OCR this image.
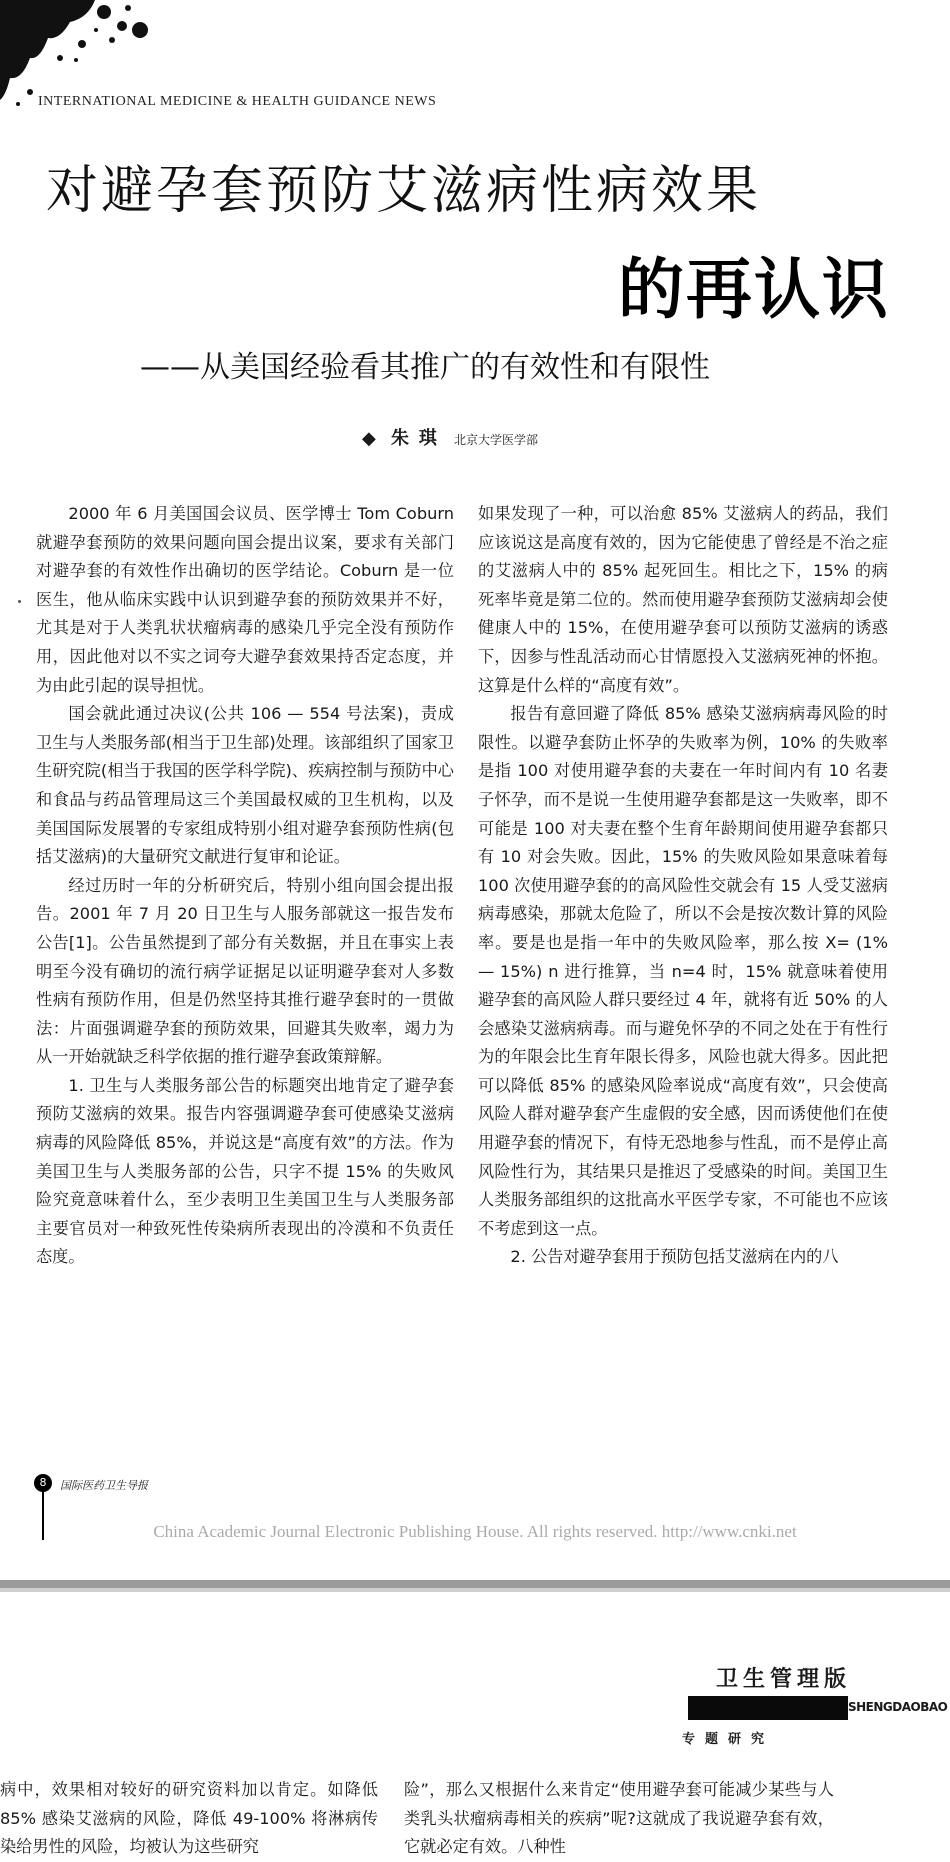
INTERNATIONAL MEDICINE & HEALTH GUIDANCE NEWS
对避孕套预防艾滋病性病效果
的再认识
——从美国经验看其推广的有效性和有限性
◆ 朱琪 北京大学医学部

2000 年 6 月美国国会议员、医学博士 Tom Coburn 就避孕套预防的效果问题向国会提出议案，要求有关部门对避孕套的有效性作出确切的医学结论。Coburn 是一位医生，他从临床实践中认识到避孕套的预防效果并不好，尤其是对于人类乳状状瘤病毒的感染几乎完全没有预防作用，因此他对以不实之词夸大避孕套效果持否定态度，并为由此引起的误导担忧。

国会就此通过决议(公共 106 — 554 号法案)，责成卫生与人类服务部(相当于卫生部)处理。该部组织了国家卫生研究院(相当于我国的医学科学院)、疾病控制与预防中心和食品与药品管理局这三个美国最权威的卫生机构，以及美国国际发展署的专家组成特别小组对避孕套预防性病(包括艾滋病)的大量研究文献进行复审和论证。

经过历时一年的分析研究后，特别小组向国会提出报告。2001 年 7 月 20 日卫生与人服务部就这一报告发布公告[1]。公告虽然提到了部分有关数据，并且在事实上表明至今没有确切的流行病学证据足以证明避孕套对人多数性病有预防作用，但是仍然坚持其推行避孕套时的一贯做法：片面强调避孕套的预防效果，回避其失败率，竭力为从一开始就缺乏科学依据的推行避孕套政策辩解。

1. 卫生与人类服务部公告的标题突出地肯定了避孕套预防艾滋病的效果。报告内容强调避孕套可使感染艾滋病病毒的风险降低 85%，并说这是“高度有效”的方法。作为美国卫生与人类服务部的公告，只字不提 15% 的失败风险究竟意味着什么，至少表明卫生美国卫生与人类服务部主要官员对一种致死性传染病所表现出的冷漠和不负责任态度。

如果发现了一种，可以治愈 85% 艾滋病人的药品，我们应该说这是高度有效的，因为它能使患了曾经是不治之症的艾滋病人中的 85% 起死回生。相比之下，15% 的病死率毕竟是第二位的。然而使用避孕套预防艾滋病却会使健康人中的 15%，在使用避孕套可以预防艾滋病的诱惑下，因参与性乱活动而心甘情愿投入艾滋病死神的怀抱。这算是什么样的“高度有效”。

报告有意回避了降低 85% 感染艾滋病病毒风险的时限性。以避孕套防止怀孕的失败率为例，10% 的失败率是指 100 对使用避孕套的夫妻在一年时间内有 10 名妻子怀孕，而不是说一生使用避孕套都是这一失败率，即不可能是 100 对夫妻在整个生育年龄期间使用避孕套都只有 10 对会失败。因此，15% 的失败风险如果意味着每 100 次使用避孕套的的高风险性交就会有 15 人受艾滋病病毒感染，那就太危险了，所以不会是按次数计算的风险率。要是也是指一年中的失败风险率，那么按 X= (1% — 15%) n 进行推算，当 n=4 时，15% 就意味着使用避孕套的高风险人群只要经过 4 年，就将有近 50% 的人会感染艾滋病病毒。而与避免怀孕的不同之处在于有性行为的年限会比生育年限长得多，风险也就大得多。因此把可以降低 85% 的感染风险率说成“高度有效”，只会使高风险人群对避孕套产生虚假的安全感，因而诱使他们在使用避孕套的情况下，有恃无恐地参与性乱，而不是停止高风险性行为，其结果只是推迟了受感染的时间。美国卫生人类服务部组织的这批高水平医学专家，不可能也不应该不考虑到这一点。

2. 公告对避孕套用于预防包括艾滋病在内的八

8	国际医药卫生导报
China Academic Journal Electronic Publishing House. All rights reserved. http://www.cnki.net
卫生管理版
SHENGDAOBAO
专题研究

病中，效果相对较好的研究资料加以肯定。如降低 85% 感染艾滋病的风险，降低 49-100% 将淋病传染给男性的风险，均被认为这些研究

险”，那么又根据什么来肯定“使用避孕套可能减少某些与人类乳头状瘤病毒相关的疾病”呢?这就成了我说避孕套有效，它就必定有效。八种性
